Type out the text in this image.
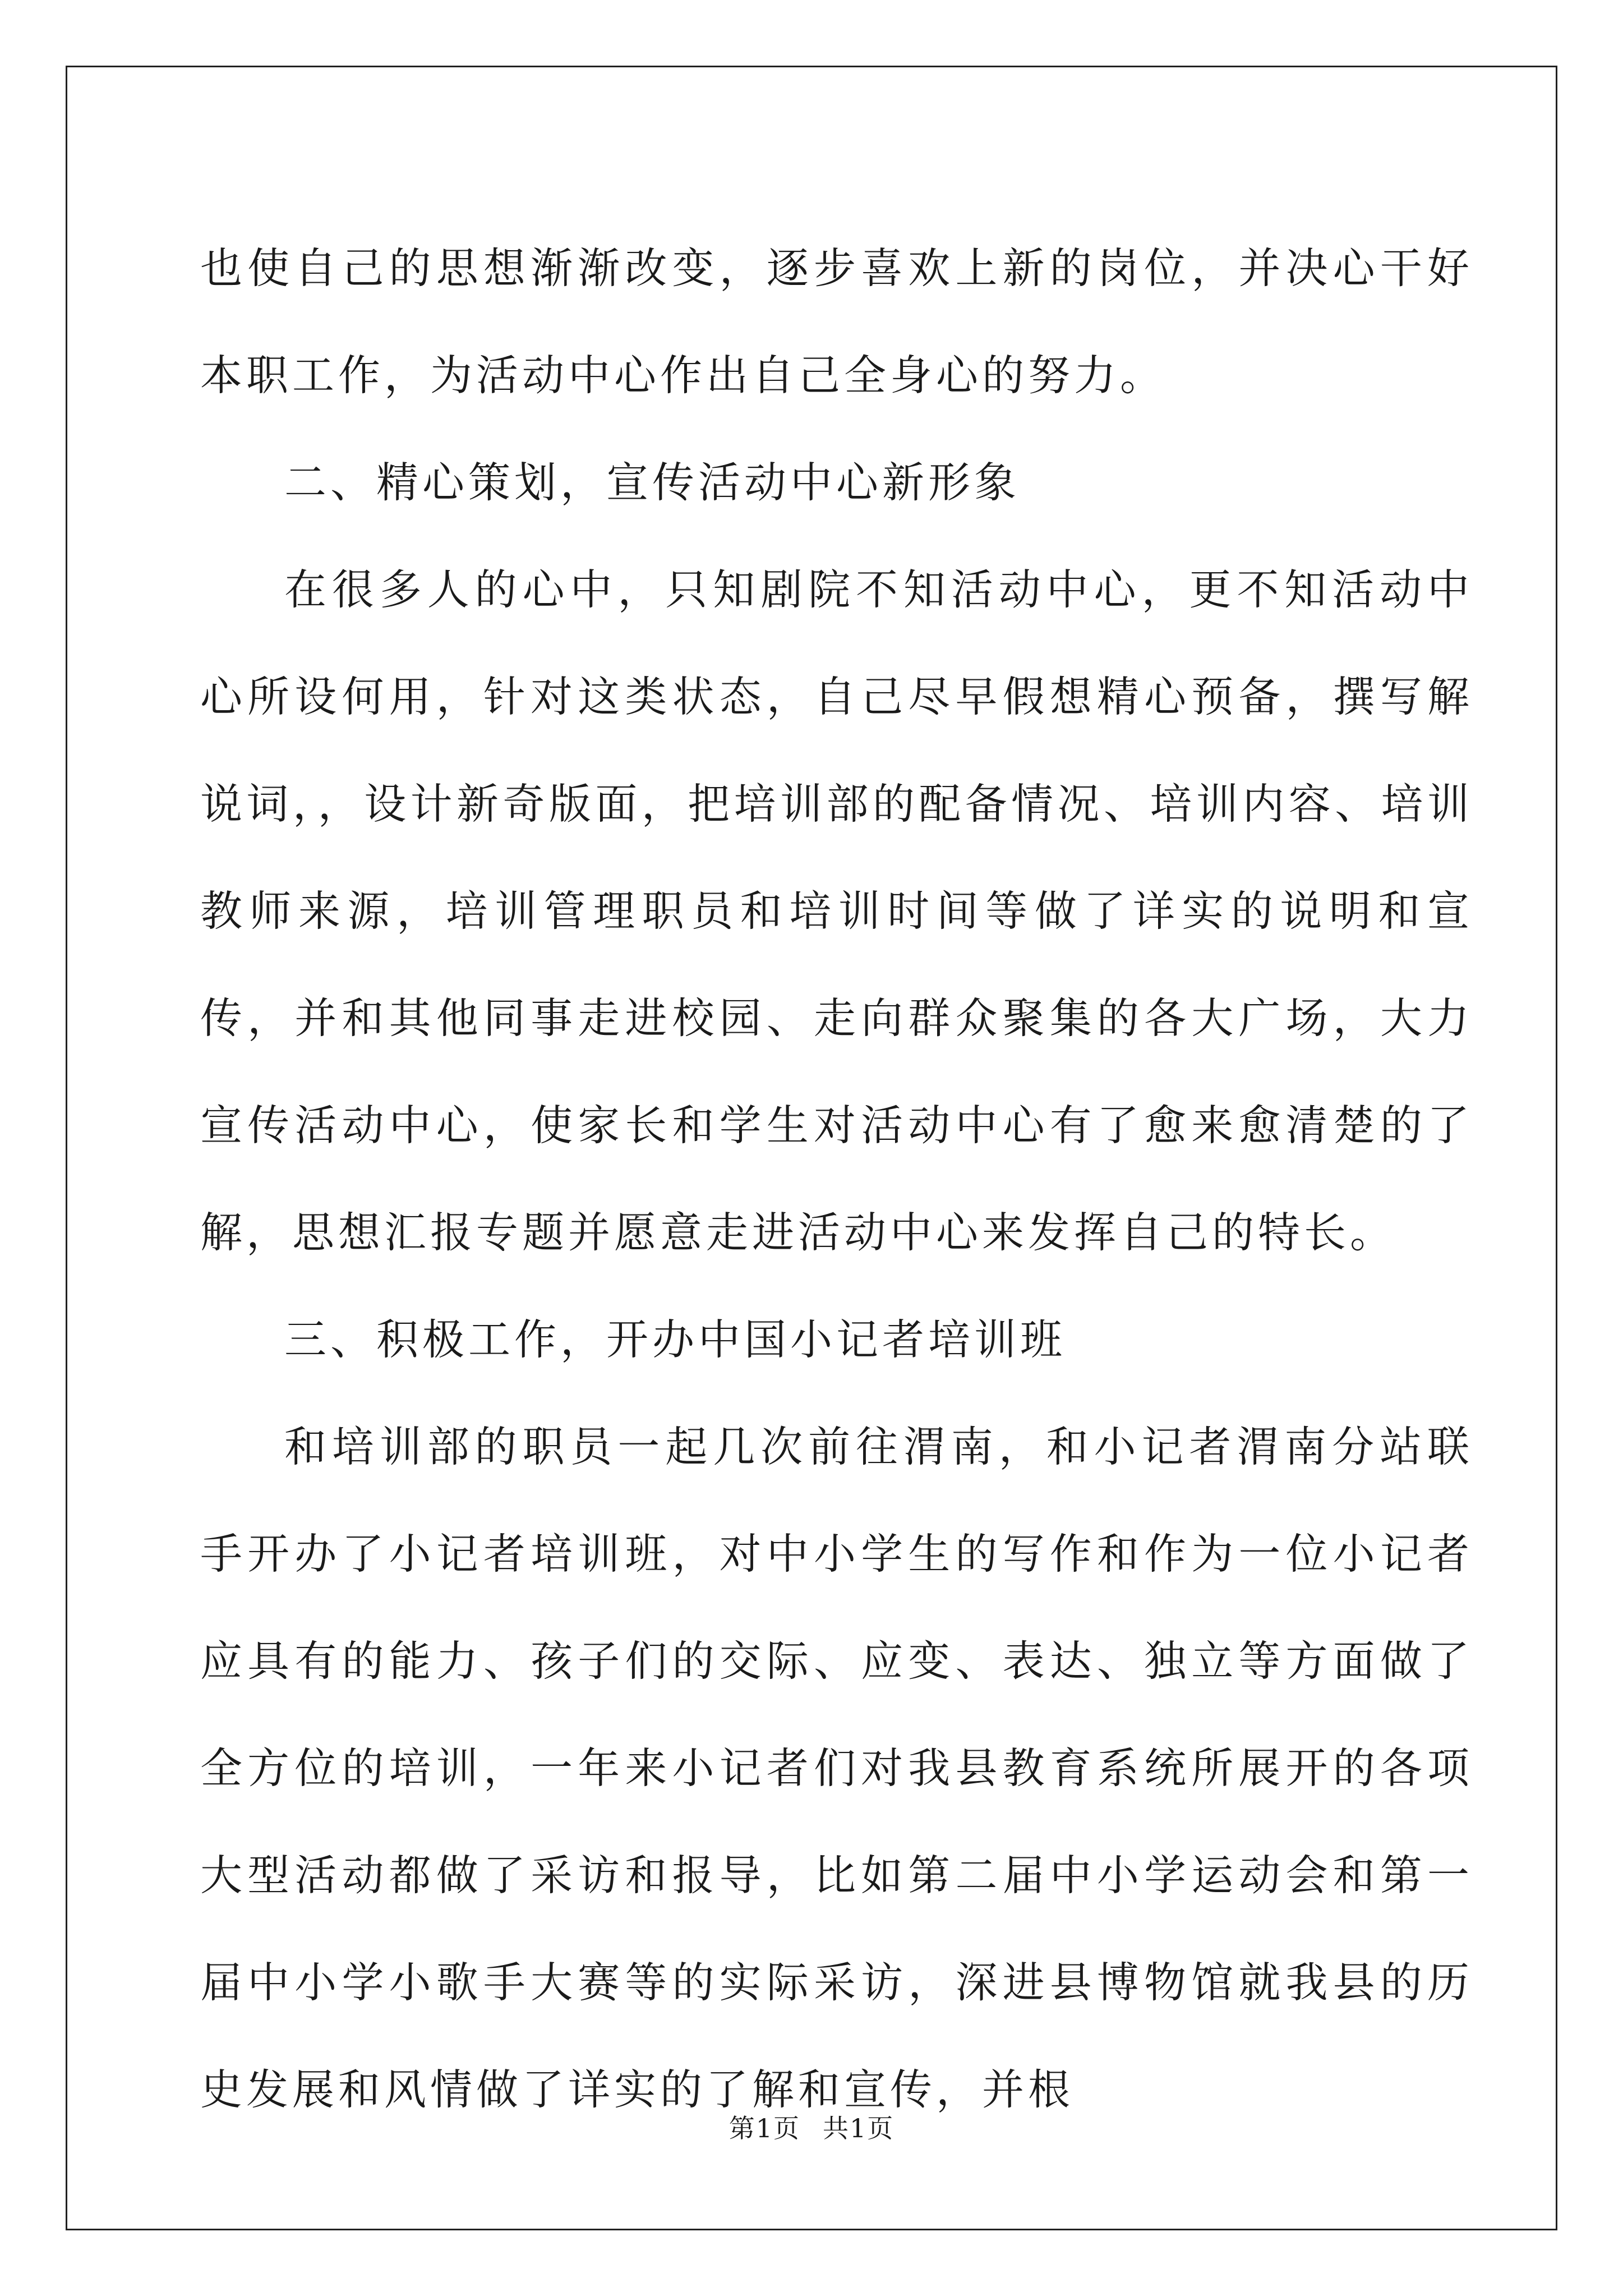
也使自己的思想渐渐改变，逐步喜欢上新的岗位，并决心干好本职工作，为活动中心作出自己全身心的努力。

二、精心策划，宣传活动中心新形象

在很多人的心中，只知剧院不知活动中心，更不知活动中心所设何用，针对这类状态，自己尽早假想精心预备，撰写解说词，，设计新奇版面，把培训部的配备情况、培训内容、培训教师来源，培训管理职员和培训时间等做了详实的说明和宣传，并和其他同事走进校园、走向群众聚集的各大广场，大力宣传活动中心，使家长和学生对活动中心有了愈来愈清楚的了解，思想汇报专题并愿意走进活动中心来发挥自己的特长。

三、积极工作，开办中国小记者培训班

和培训部的职员一起几次前往渭南，和小记者渭南分站联手开办了小记者培训班，对中小学生的写作和作为一位小记者应具有的能力、孩子们的交际、应变、表达、独立等方面做了全方位的培训，一年来小记者们对我县教育系统所展开的各项大型活动都做了采访和报导，比如第二届中小学运动会和第一届中小学小歌手大赛等的实际采访，深进县博物馆就我县的历史发展和风情做了详实的了解和宣传，并根

第1页 共1页
